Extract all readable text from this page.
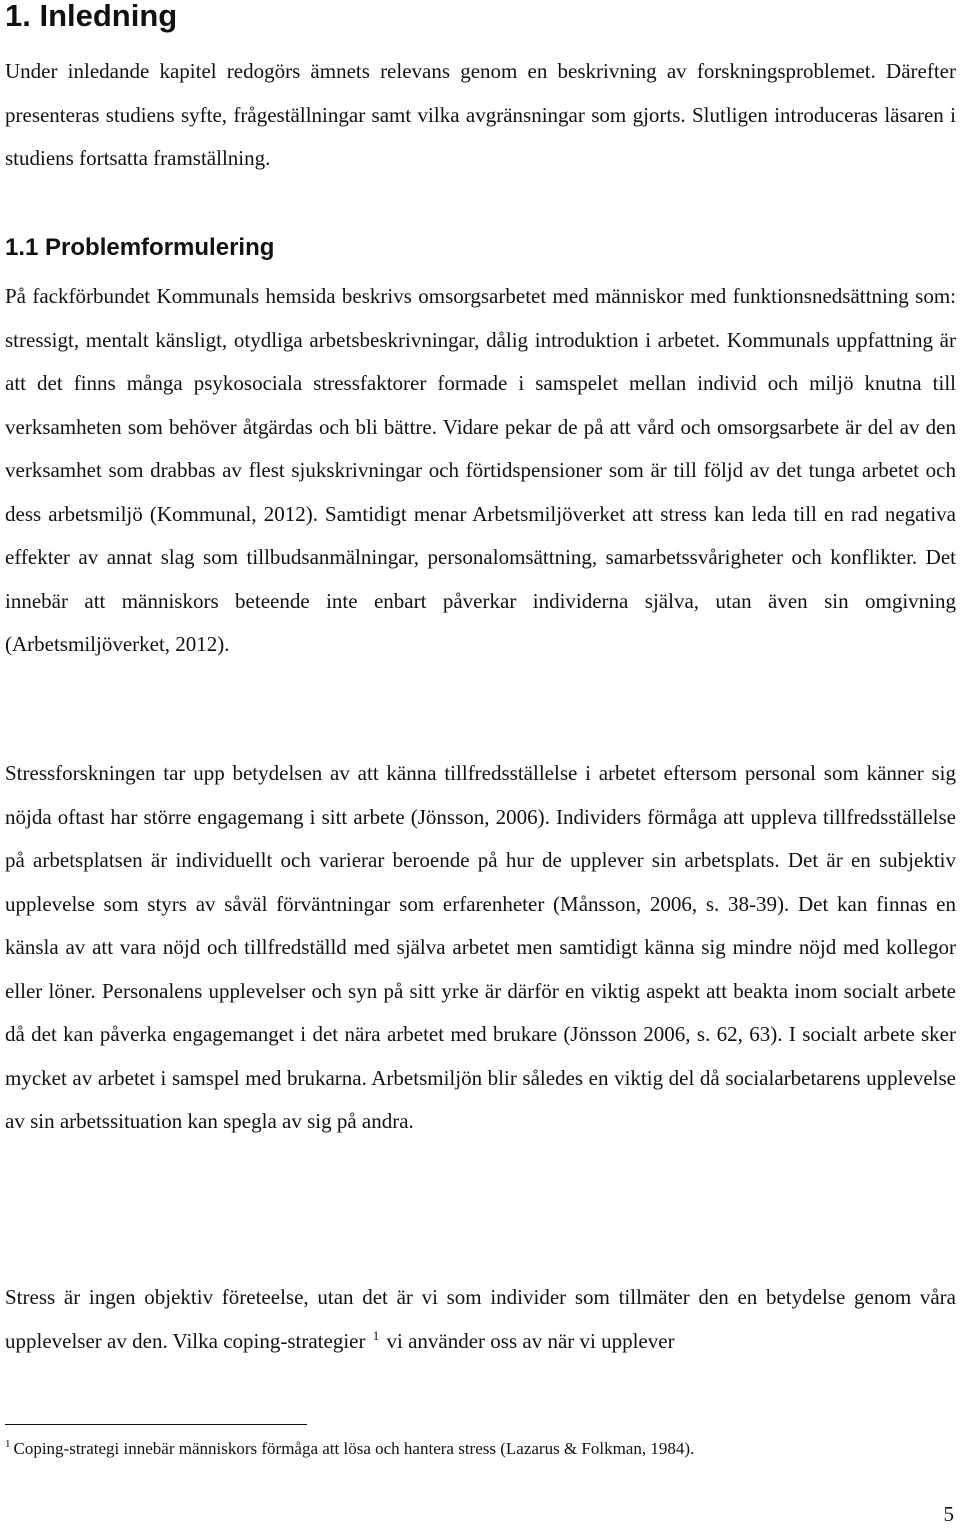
1. Inledning

Under inledande kapitel redogörs ämnets relevans genom en beskrivning av forskningsproblemet. Därefter presenteras studiens syfte, frågeställningar samt vilka avgränsningar som gjorts. Slutligen introduceras läsaren i studiens fortsatta framställning.

1.1 Problemformulering

På fackförbundet Kommunals hemsida beskrivs omsorgsarbetet med människor med funktionsnedsättning som: stressigt, mentalt känsligt, otydliga arbetsbeskrivningar, dålig introduktion i arbetet. Kommunals uppfattning är att det finns många psykosociala stressfaktorer formade i samspelet mellan individ och miljö knutna till verksamheten som behöver åtgärdas och bli bättre. Vidare pekar de på att vård och omsorgsarbete är del av den verksamhet som drabbas av flest sjukskrivningar och förtidspensioner som är till följd av det tunga arbetet och dess arbetsmiljö (Kommunal, 2012). Samtidigt menar Arbetsmiljöverket att stress kan leda till en rad negativa effekter av annat slag som tillbudsanmälningar, personalomsättning, samarbetssvårigheter och konflikter. Det innebär att människors beteende inte enbart påverkar individerna själva, utan även sin omgivning (Arbetsmiljöverket, 2012).

Stressforskningen tar upp betydelsen av att känna tillfredsställelse i arbetet eftersom personal som känner sig nöjda oftast har större engagemang i sitt arbete (Jönsson, 2006). Individers förmåga att uppleva tillfredsställelse på arbetsplatsen är individuellt och varierar beroende på hur de upplever sin arbetsplats. Det är en subjektiv upplevelse som styrs av såväl förväntningar som erfarenheter (Månsson, 2006, s. 38-39). Det kan finnas en känsla av att vara nöjd och tillfredställd med själva arbetet men samtidigt känna sig mindre nöjd med kollegor eller löner. Personalens upplevelser och syn på sitt yrke är därför en viktig aspekt att beakta inom socialt arbete då det kan påverka engagemanget i det nära arbetet med brukare (Jönsson 2006, s. 62, 63). I socialt arbete sker mycket av arbetet i samspel med brukarna. Arbetsmiljön blir således en viktig del då socialarbetarens upplevelse av sin arbetssituation kan spegla av sig på andra.

Stress är ingen objektiv företeelse, utan det är vi som individer som tillmäter den en betydelse genom våra upplevelser av den. Vilka coping-strategier $^1$ vi använder oss av när vi upplever

$^1$ Coping-strategi innebär människors förmåga att lösa och hantera stress (Lazarus & Folkman, 1984).

5
